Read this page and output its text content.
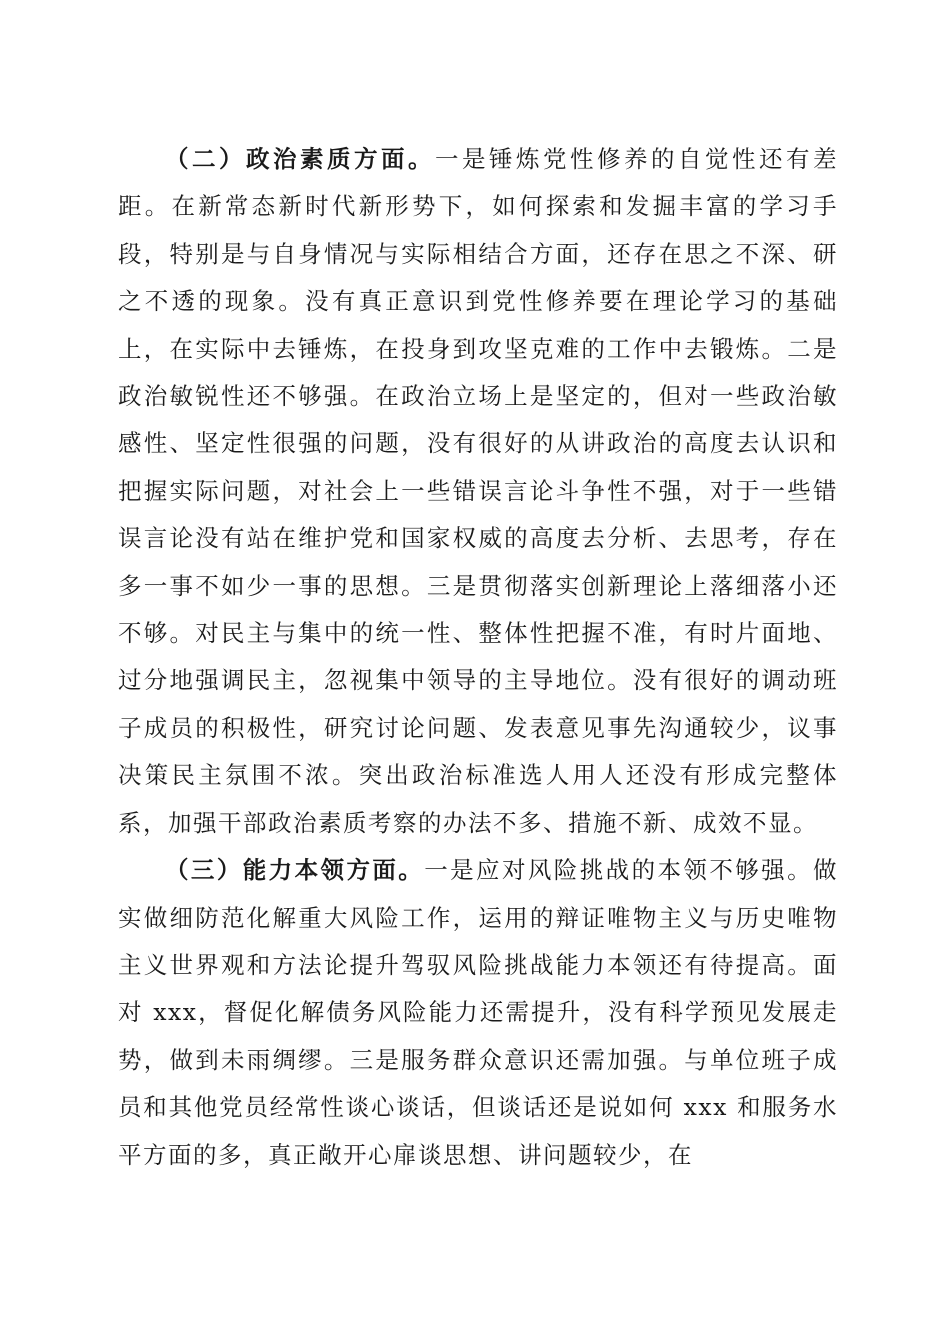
（二）政治素质方面。一是锤炼党性修养的自觉性还有差距。在新常态新时代新形势下，如何探索和发掘丰富的学习手段，特别是与自身情况与实际相结合方面，还存在思之不深、研之不透的现象。没有真正意识到党性修养要在理论学习的基础上，在实际中去锤炼，在投身到攻坚克难的工作中去锻炼。二是政治敏锐性还不够强。在政治立场上是坚定的，但对一些政治敏感性、坚定性很强的问题，没有很好的从讲政治的高度去认识和把握实际问题，对社会上一些错误言论斗争性不强，对于一些错误言论没有站在维护党和国家权威的高度去分析、去思考，存在多一事不如少一事的思想。三是贯彻落实创新理论上落细落小还不够。对民主与集中的统一性、整体性把握不准，有时片面地、过分地强调民主，忽视集中领导的主导地位。没有很好的调动班子成员的积极性，研究讨论问题、发表意见事先沟通较少，议事决策民主氛围不浓。突出政治标准选人用人还没有形成完整体系，加强干部政治素质考察的办法不多、措施不新、成效不显。

（三）能力本领方面。一是应对风险挑战的本领不够强。做实做细防范化解重大风险工作，运用的辩证唯物主义与历史唯物主义世界观和方法论提升驾驭风险挑战能力本领还有待提高。面对 xxx，督促化解债务风险能力还需提升，没有科学预见发展走势，做到未雨绸缪。三是服务群众意识还需加强。与单位班子成员和其他党员经常性谈心谈话，但谈话还是说如何 xxx 和服务水平方面的多，真正敞开心扉谈思想、讲问题较少，在
